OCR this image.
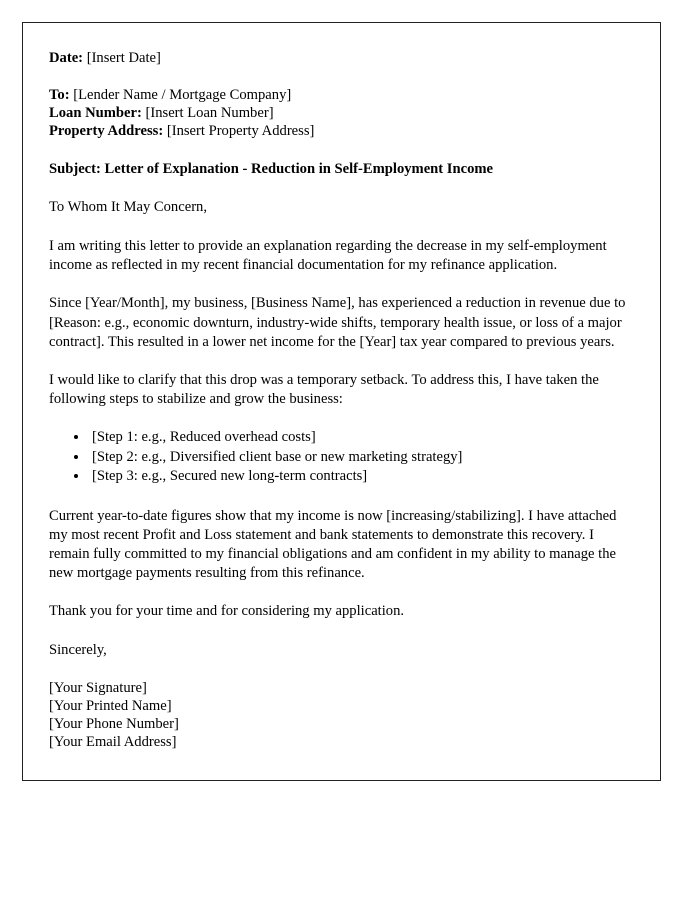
Date: [Insert Date]

To: [Lender Name / Mortgage Company]

Loan Number: [Insert Loan Number]

Property Address: [Insert Property Address]

Subject: Letter of Explanation - Reduction in Self-Employment Income

To Whom It May Concern,

I am writing this letter to provide an explanation regarding the decrease in my self-employment income as reflected in my recent financial documentation for my refinance application.

Since [Year/Month], my business, [Business Name], has experienced a reduction in revenue due to [Reason: e.g., economic downturn, industry-wide shifts, temporary health issue, or loss of a major contract]. This resulted in a lower net income for the [Year] tax year compared to previous years.

I would like to clarify that this drop was a temporary setback. To address this, I have taken the following steps to stabilize and grow the business:

• [Step 1: e.g., Reduced overhead costs]
• [Step 2: e.g., Diversified client base or new marketing strategy]
• [Step 3: e.g., Secured new long-term contracts]

Current year-to-date figures show that my income is now [increasing/stabilizing]. I have attached my most recent Profit and Loss statement and bank statements to demonstrate this recovery. I remain fully committed to my financial obligations and am confident in my ability to manage the new mortgage payments resulting from this refinance.

Thank you for your time and for considering my application.

Sincerely,

[Your Signature]
[Your Printed Name]
[Your Phone Number]
[Your Email Address]
